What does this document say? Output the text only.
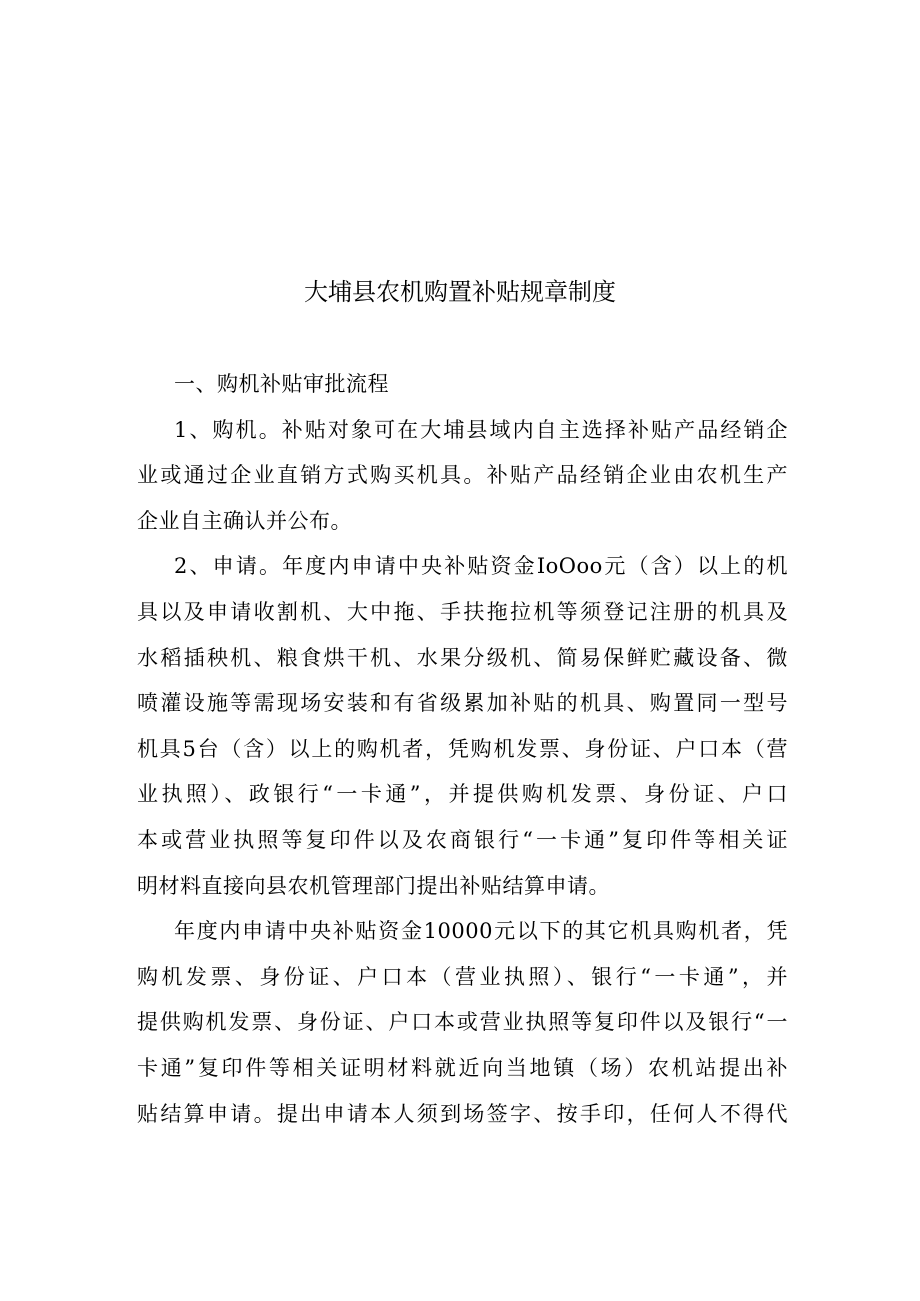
大埔县农机购置补贴规章制度
一、购机补贴审批流程
1、购机。补贴对象可在大埔县域内自主选择补贴产品经销企
业或通过企业直销方式购买机具。补贴产品经销企业由农机生产
企业自主确认并公布。
2、申请。年度内申请中央补贴资金IoOoo元（含）以上的机
具以及申请收割机、大中拖、手扶拖拉机等须登记注册的机具及
水稻插秧机、粮食烘干机、水果分级机、简易保鲜贮藏设备、微
喷灌设施等需现场安装和有省级累加补贴的机具、购置同一型号
机具5台（含）以上的购机者，凭购机发票、身份证、户口本（营
业执照）、政银行“一卡通”，并提供购机发票、身份证、户口
本或营业执照等复印件以及农商银行“一卡通”复印件等相关证
明材料直接向县农机管理部门提出补贴结算申请。
年度内申请中央补贴资金10000元以下的其它机具购机者，凭
购机发票、身份证、户口本（营业执照）、银行“一卡通”，并
提供购机发票、身份证、户口本或营业执照等复印件以及银行“一
卡通”复印件等相关证明材料就近向当地镇（场）农机站提出补
贴结算申请。提出申请本人须到场签字、按手印，任何人不得代
